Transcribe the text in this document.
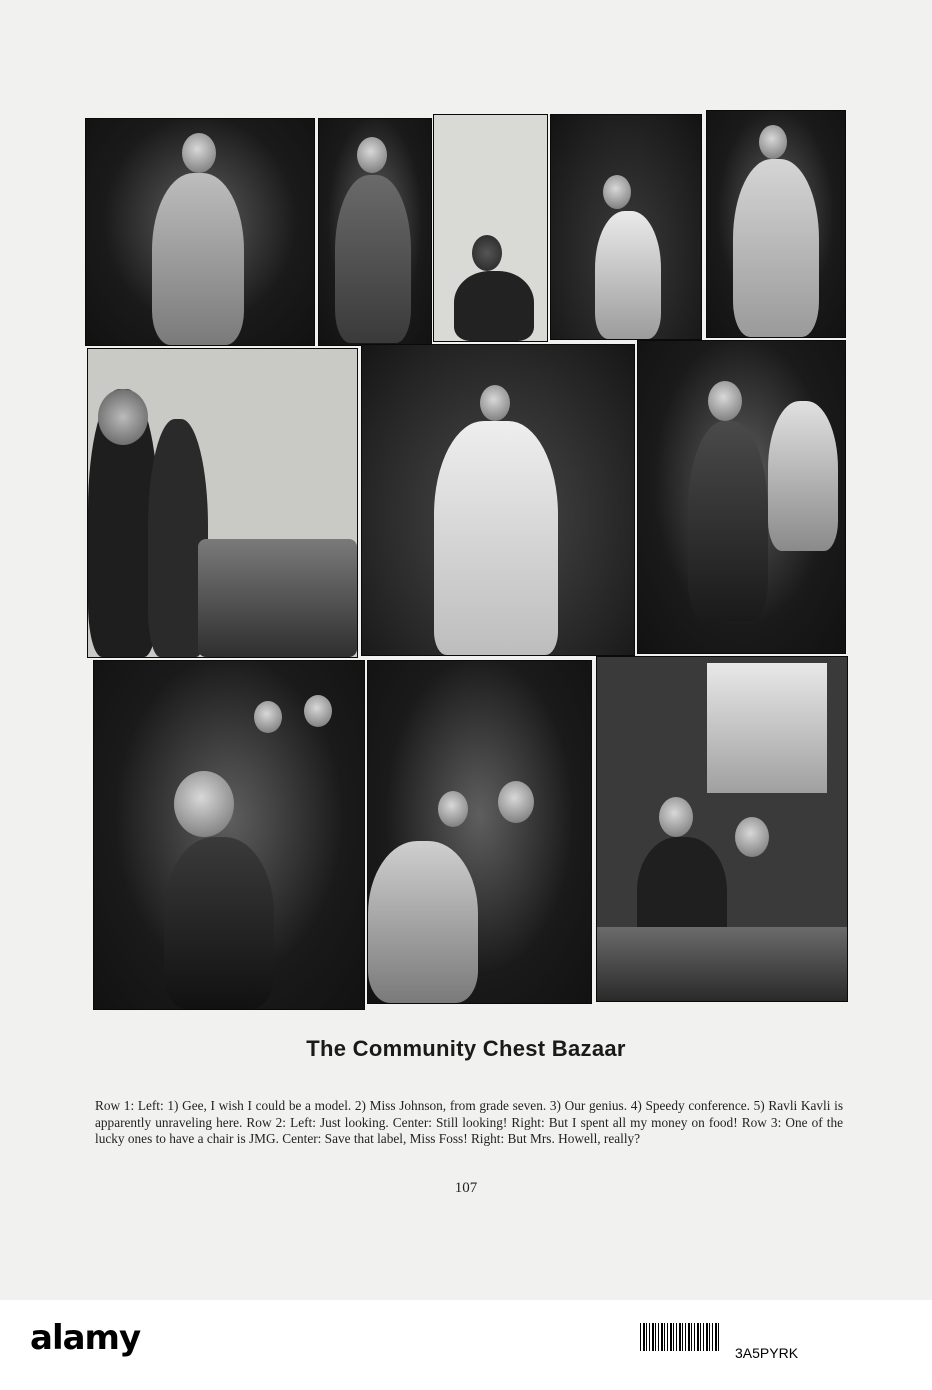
The Community Chest Bazaar
Row 1: Left: 1) Gee, I wish I could be a model. 2) Miss Johnson, from grade seven. 3) Our genius. 4) Speedy conference. 5) Ravli Kavli is apparently unraveling here. Row 2: Left: Just looking. Center: Still looking! Right: But I spent all my money on food! Row 3: One of the lucky ones to have a chair is JMG. Center: Save that label, Miss Foss! Right: But Mrs. Howell, really?
107
alamy	3A5PYRK
